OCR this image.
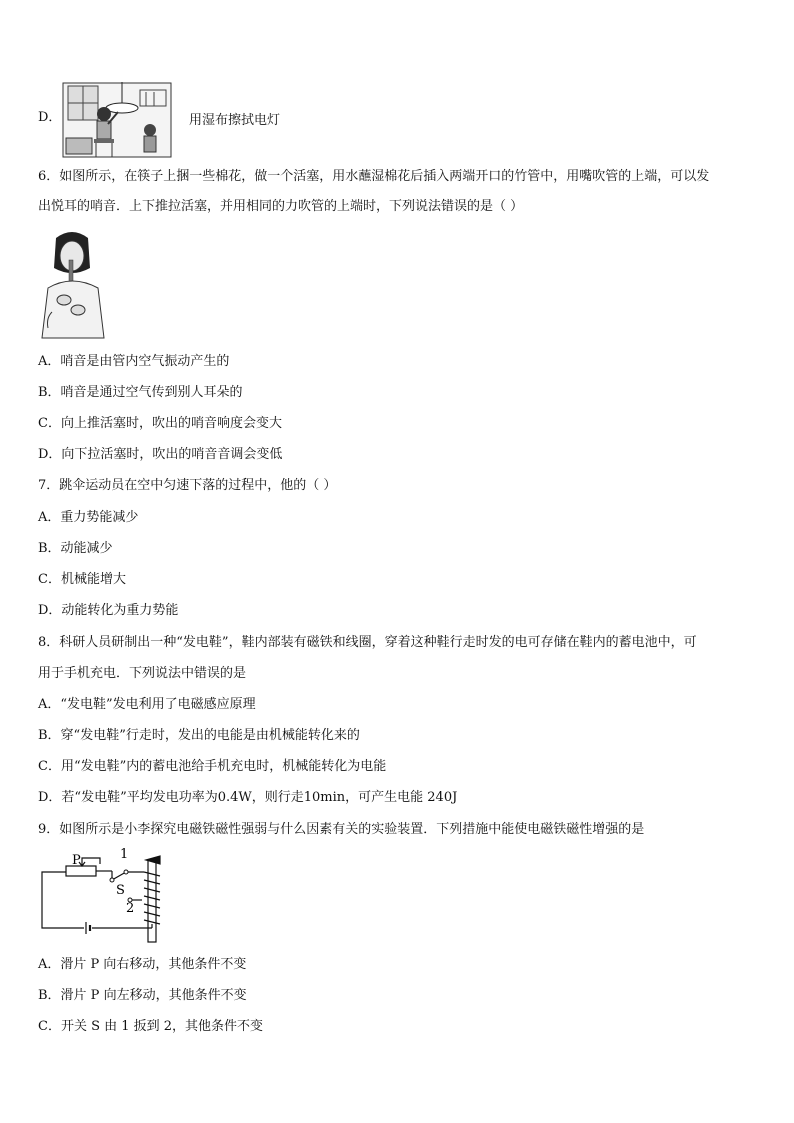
D．	用湿布擦拭电灯
6．如图所示，在筷子上捆一些棉花，做一个活塞，用水蘸湿棉花后插入两端开口的竹管中，用嘴吹管的上端，可以发
出悦耳的哨音．上下推拉活塞，并用相同的力吹管的上端时，下列说法错误的是（ ）
A．哨音是由管内空气振动产生的
B．哨音是通过空气传到别人耳朵的
C．向上推活塞时，吹出的哨音响度会变大
D．向下拉活塞时，吹出的哨音音调会变低
7．跳伞运动员在空中匀速下落的过程中，他的（ ）
A．重力势能减少
B．动能减少
C．机械能增大
D．动能转化为重力势能
8．科研人员研制出一种“发电鞋”，鞋内部装有磁铁和线圈，穿着这种鞋行走时发的电可存储在鞋内的蓄电池中，可
用于手机充电．下列说法中错误的是
A．“发电鞋”发电利用了电磁感应原理
B．穿“发电鞋”行走时，发出的电能是由机械能转化来的
C．用“发电鞋”内的蓄电池给手机充电时，机械能转化为电能
D．若“发电鞋”平均发电功率为0.4W，则行走10min，可产生电能 240J
9．如图所示是小李探究电磁铁磁性强弱与什么因素有关的实验装置．下列措施中能使电磁铁磁性增强的是
P	1
S
2
A．滑片 P 向右移动，其他条件不变
B．滑片 P 向左移动，其他条件不变
C．开关 S 由 1 扳到 2，其他条件不变
